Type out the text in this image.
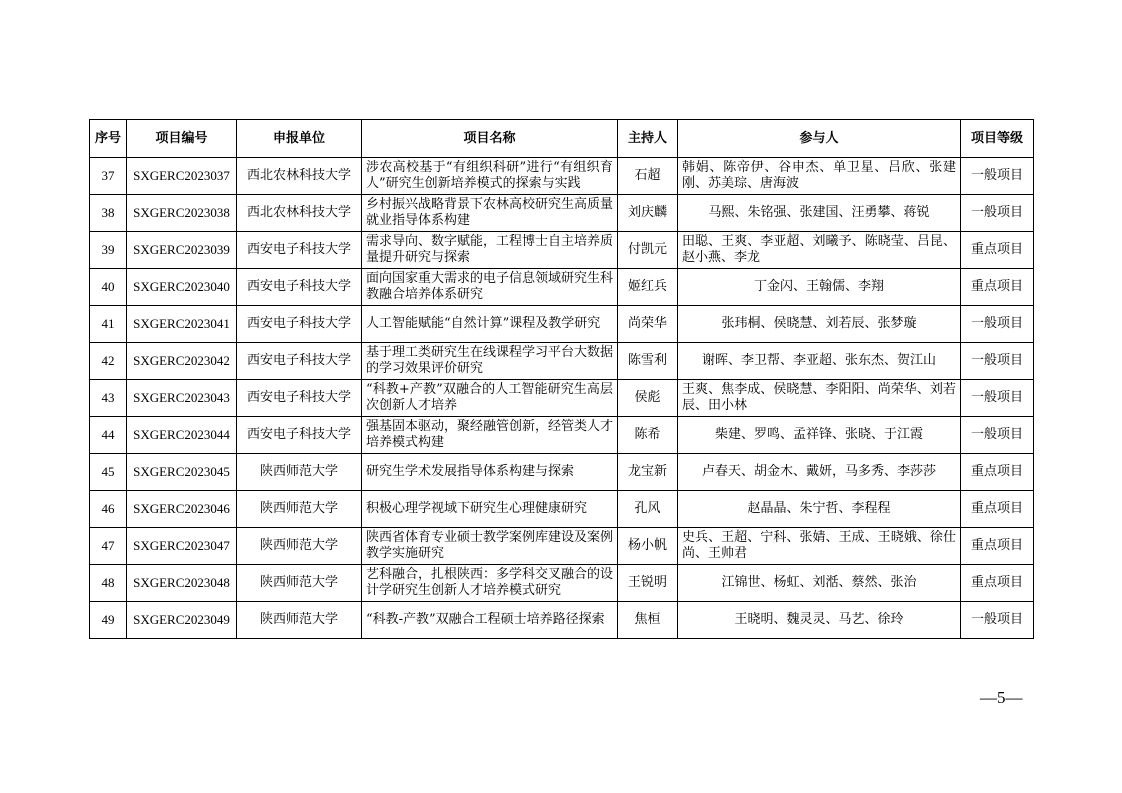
序号	项目编号	申报单位	项目名称	主持人	参与人	项目等级
37	SXGERC2023037	西北农林科技大学	涉农高校基于“有组织科研”进行“有组织育人”研究生创新培养模式的探索与实践	石超	韩娟、陈帝伊、谷申杰、单卫星、吕欣、张建刚、苏美琮、唐海波	一般项目
38	SXGERC2023038	西北农林科技大学	乡村振兴战略背景下农林高校研究生高质量就业指导体系构建	刘庆麟	马熙、朱铭强、张建国、汪勇攀、蒋锐	一般项目
39	SXGERC2023039	西安电子科技大学	需求导向、数字赋能，工程博士自主培养质量提升研究与探索	付凯元	田聪、王爽、李亚超、刘曦予、陈晓莹、吕昆、赵小燕、李龙	重点项目
40	SXGERC2023040	西安电子科技大学	面向国家重大需求的电子信息领域研究生科教融合培养体系研究	姬红兵	丁金闪、王翰儒、李翔	重点项目
41	SXGERC2023041	西安电子科技大学	人工智能赋能“自然计算”课程及教学研究	尚荣华	张玮桐、侯晓慧、刘若辰、张梦璇	一般项目
42	SXGERC2023042	西安电子科技大学	基于理工类研究生在线课程学习平台大数据的学习效果评价研究	陈雪利	谢晖、李卫帮、李亚超、张东杰、贺江山	一般项目
43	SXGERC2023043	西安电子科技大学	“科教+产教”双融合的人工智能研究生高层次创新人才培养	侯彪	王爽、焦李成、侯晓慧、李阳阳、尚荣华、刘若辰、田小林	一般项目
44	SXGERC2023044	西安电子科技大学	强基固本驱动，聚经融管创新，经管类人才培养模式构建	陈希	柴建、罗鸣、孟祥锋、张晓、于江霞	一般项目
45	SXGERC2023045	陕西师范大学	研究生学术发展指导体系构建与探索	龙宝新	卢春天、胡金木、戴妍，马多秀、李莎莎	重点项目
46	SXGERC2023046	陕西师范大学	积极心理学视域下研究生心理健康研究	孔风	赵晶晶、朱宁哲、李程程	重点项目
47	SXGERC2023047	陕西师范大学	陕西省体育专业硕士教学案例库建设及案例教学实施研究	杨小帆	史兵、王超、宁科、张婧、王成、王晓娥、徐仕尚、王帅君	重点项目
48	SXGERC2023048	陕西师范大学	艺科融合，扎根陕西：多学科交叉融合的设计学研究生创新人才培养模式研究	王锐明	江锦世、杨虹、刘湉、蔡然、张治	重点项目
49	SXGERC2023049	陕西师范大学	“科教-产教”双融合工程硕士培养路径探索	焦桓	王晓明、魏灵灵、马艺、徐玲	一般项目
—5—
